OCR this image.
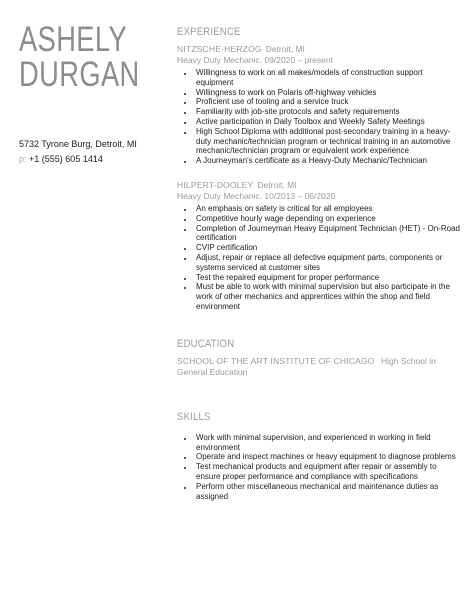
ASHELY
DURGAN
5732 Tyrone Burg, Detroit, MI
p: +1 (555) 605 1414
EXPERIENCE
NITZSCHE-HERZOG Detroit, MI
Heavy Duty Mechanic. 09/2020 – present
• Willingness to work on all makes/models of construction support equipment
• Willingness to work on Polaris off-highway vehicles
• Proficient use of tooling and a service truck
• Familiarity with job-site protocols and safety requirements
• Active participation in Daily Toolbox and Weekly Safety Meetings
• High School Diploma with additional post-secondary training in a heavy-duty mechanic/technician program or technical training in an automotive mechanic/technician program or equivalent work experience
• A Journeyman's certificate as a Heavy-Duty Mechanic/Technician
HILPERT-DOOLEY Detroit, MI
Heavy Duty Mechanic. 10/2013 – 06/2020
• An emphasis on safety is critical for all employees
• Competitive hourly wage depending on experience
• Completion of Journeyman Heavy Equipment Technician (HET) - On-Road certification
• CVIP certification
• Adjust, repair or replace all defective equipment parts, components or systems serviced at customer sites
• Test the repaired equipment for proper performance
• Must be able to work with minimal supervision but also participate in the work of other mechanics and apprentices within the shop and field environment
EDUCATION
SCHOOL OF THE ART INSTITUTE OF CHICAGO High School in General Education
SKILLS
• Work with minimal supervision, and experienced in working in field environment
• Operate and inspect machines or heavy equipment to diagnose problems
• Test mechanical products and equipment after repair or assembly to ensure proper performance and compliance with specifications
• Perform other miscellaneous mechanical and maintenance duties as assigned
